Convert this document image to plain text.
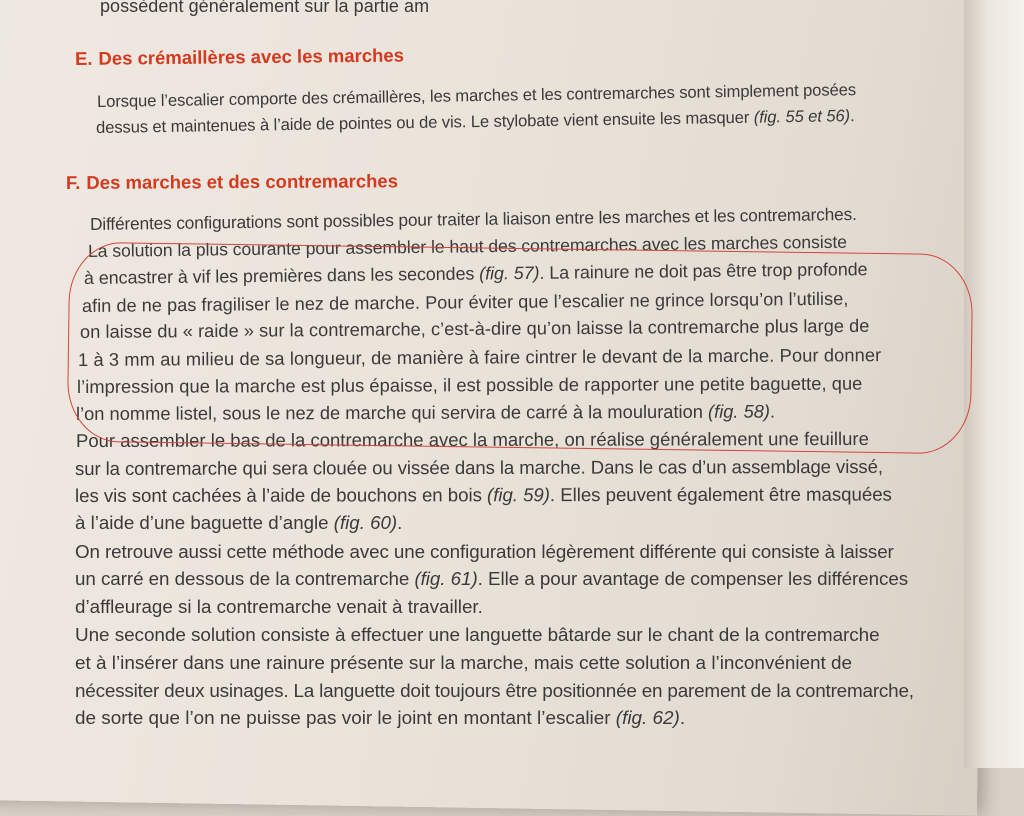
possèdent généralement sur la partie am
E. Des crémaillères avec les marches
Lorsque l’escalier comporte des crémaillères, les marches et les contremarches sont simplement posées
dessus et maintenues à l’aide de pointes ou de vis. Le stylobate vient ensuite les masquer (fig. 55 et 56).
F. Des marches et des contremarches
Différentes configurations sont possibles pour traiter la liaison entre les marches et les contremarches.
La solution la plus courante pour assembler le haut des contremarches avec les marches consiste
à encastrer à vif les premières dans les secondes (fig. 57). La rainure ne doit pas être trop profonde
afin de ne pas fragiliser le nez de marche. Pour éviter que l’escalier ne grince lorsqu’on l’utilise,
on laisse du « raide » sur la contremarche, c’est-à-dire qu’on laisse la contremarche plus large de
1 à 3 mm au milieu de sa longueur, de manière à faire cintrer le devant de la marche. Pour donner
l’impression que la marche est plus épaisse, il est possible de rapporter une petite baguette, que
l’on nomme listel, sous le nez de marche qui servira de carré à la mouluration (fig. 58).
Pour assembler le bas de la contremarche avec la marche, on réalise généralement une feuillure
sur la contremarche qui sera clouée ou vissée dans la marche. Dans le cas d’un assemblage vissé,
les vis sont cachées à l’aide de bouchons en bois (fig. 59). Elles peuvent également être masquées
à l’aide d’une baguette d’angle (fig. 60).
On retrouve aussi cette méthode avec une configuration légèrement différente qui consiste à laisser
un carré en dessous de la contremarche (fig. 61). Elle a pour avantage de compenser les différences
d’affleurage si la contremarche venait à travailler.
Une seconde solution consiste à effectuer une languette bâtarde sur le chant de la contremarche
et à l’insérer dans une rainure présente sur la marche, mais cette solution a l’inconvénient de
nécessiter deux usinages. La languette doit toujours être positionnée en parement de la contremarche,
de sorte que l’on ne puisse pas voir le joint en montant l’escalier (fig. 62).
